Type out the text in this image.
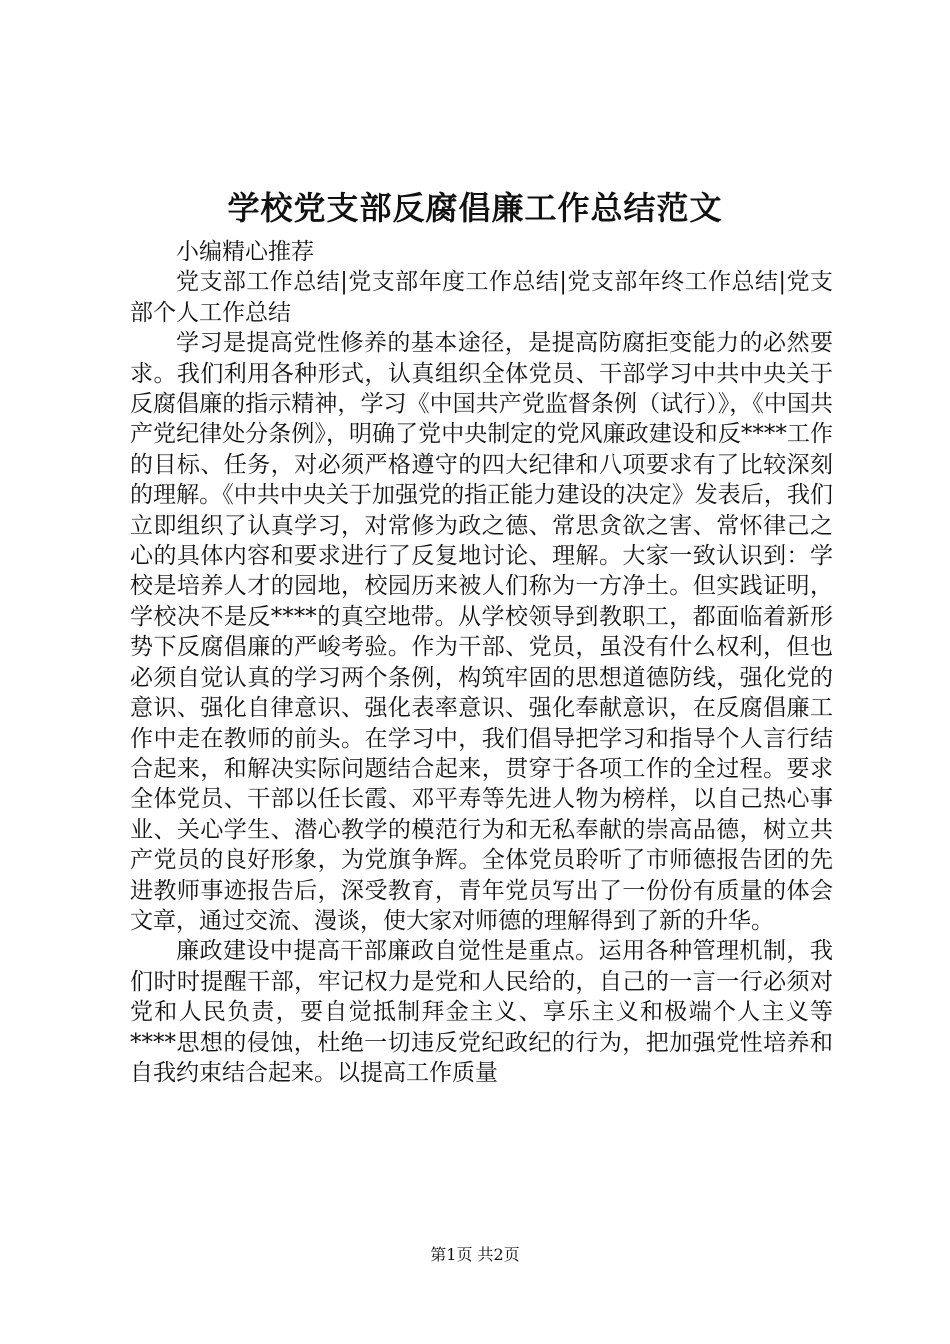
学校党支部反腐倡廉工作总结范文

小编精心推荐

党支部工作总结|党支部年度工作总结|党支部年终工作总结|党支部个人工作总结

学习是提高党性修养的基本途径，是提高防腐拒变能力的必然要求。我们利用各种形式，认真组织全体党员、干部学习中共中央关于反腐倡廉的指示精神，学习《中国共产党监督条例（试行）》，《中国共产党纪律处分条例》，明确了党中央制定的党风廉政建设和反****工作的目标、任务，对必须严格遵守的四大纪律和八项要求有了比较深刻的理解。《中共中央关于加强党的指正能力建设的决定》发表后，我们立即组织了认真学习，对常修为政之德、常思贪欲之害、常怀律己之心的具体内容和要求进行了反复地讨论、理解。大家一致认识到：学校是培养人才的园地，校园历来被人们称为一方净土。但实践证明，学校决不是反****的真空地带。从学校领导到教职工，都面临着新形势下反腐倡廉的严峻考验。作为干部、党员，虽没有什么权利，但也必须自觉认真的学习两个条例，构筑牢固的思想道德防线，强化党的意识、强化自律意识、强化表率意识、强化奉献意识，在反腐倡廉工作中走在教师的前头。在学习中，我们倡导把学习和指导个人言行结合起来，和解决实际问题结合起来，贯穿于各项工作的全过程。要求全体党员、干部以任长霞、邓平寿等先进人物为榜样，以自己热心事业、关心学生、潜心教学的模范行为和无私奉献的崇高品德，树立共产党员的良好形象，为党旗争辉。全体党员聆听了市师德报告团的先进教师事迹报告后，深受教育，青年党员写出了一份份有质量的体会文章，通过交流、漫谈，使大家对师德的理解得到了新的升华。

廉政建设中提高干部廉政自觉性是重点。运用各种管理机制，我们时时提醒干部，牢记权力是党和人民给的，自己的一言一行必须对党和人民负责，要自觉抵制拜金主义、享乐主义和极端个人主义等****思想的侵蚀，杜绝一切违反党纪政纪的行为，把加强党性培养和自我约束结合起来。以提高工作质量

第1页 共2页
